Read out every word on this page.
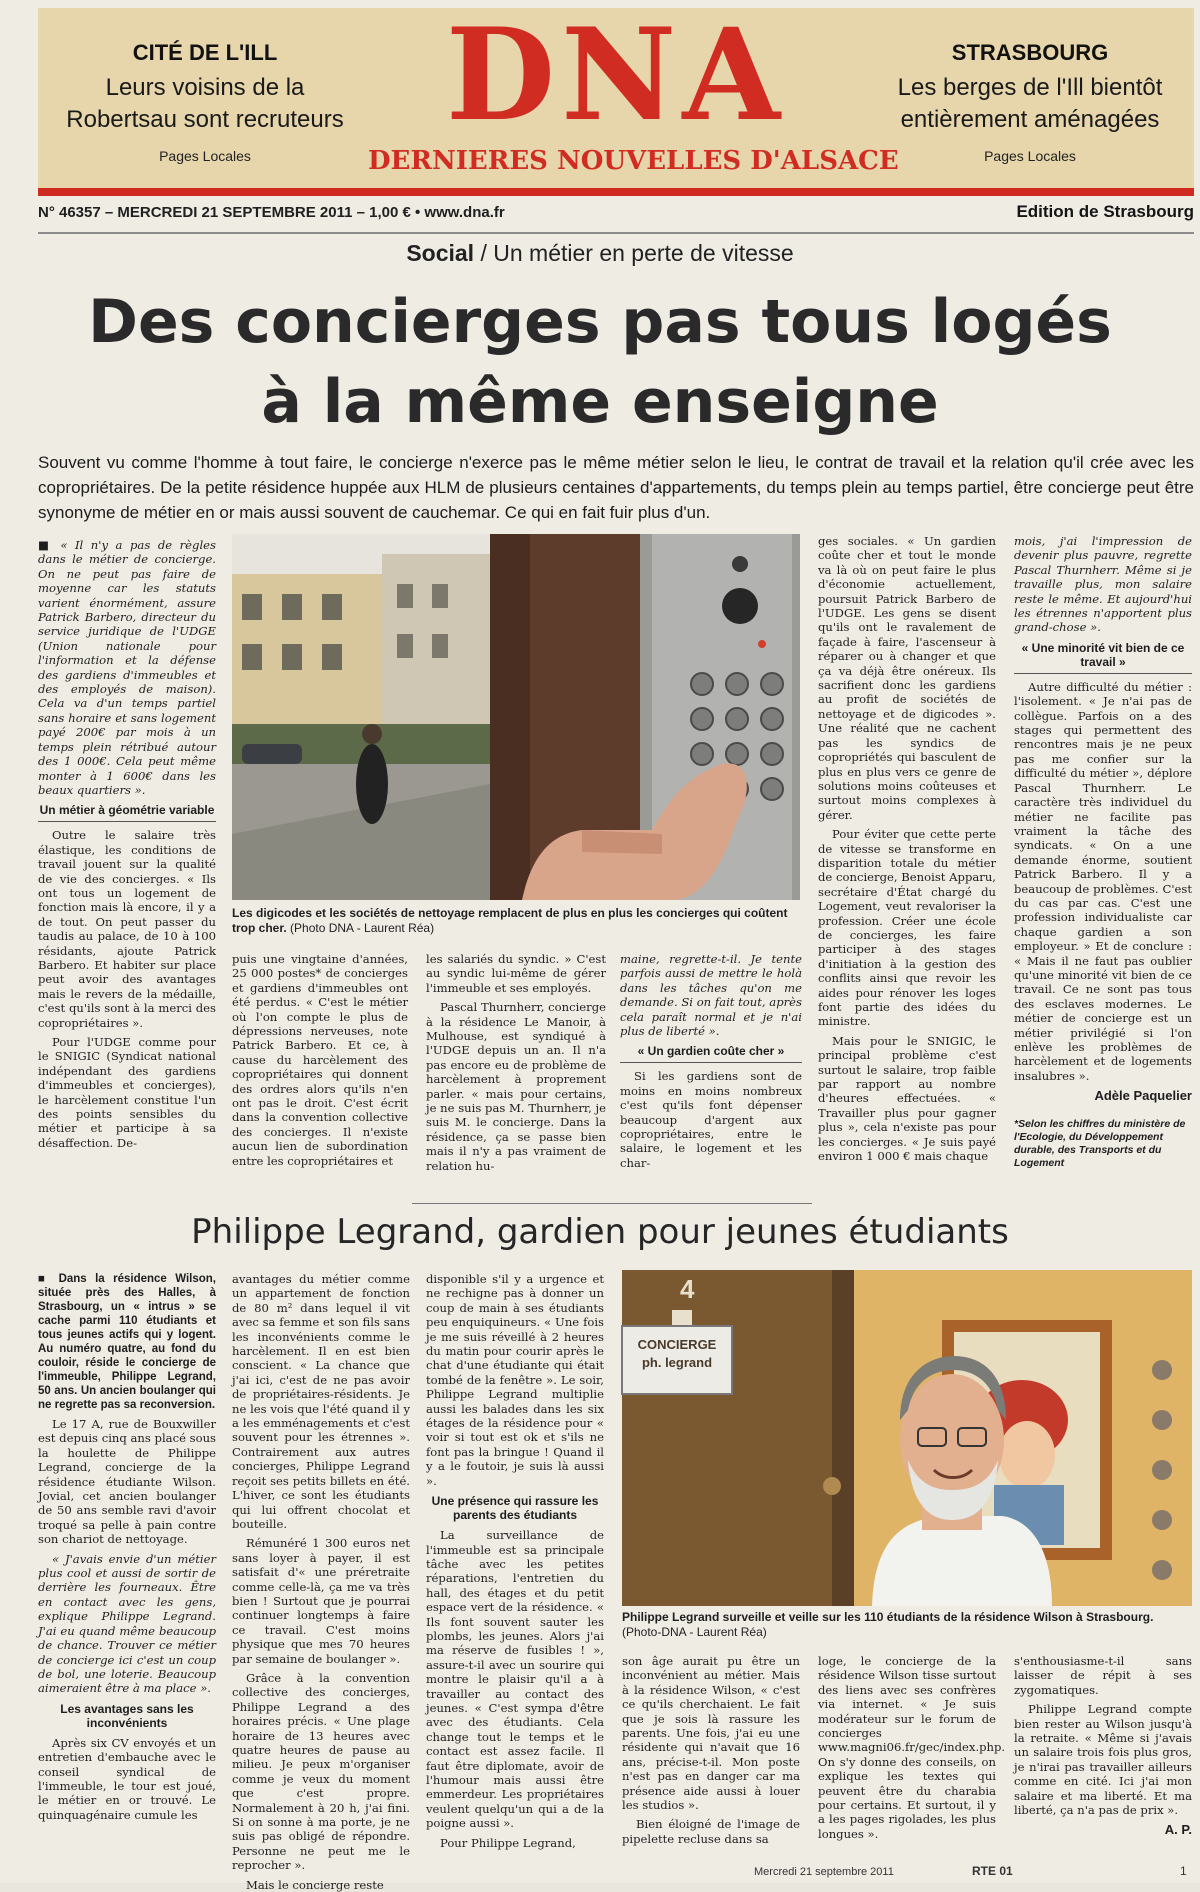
CITÉ DE L'ILL
Leurs voisins de la
Robertsau sont recruteurs
Pages Locales
DNA
DERNIERES NOUVELLES D'ALSACE
STRASBOURG
Les berges de l'Ill bientôt
entièrement aménagées
Pages Locales
N° 46357 – MERCREDI 21 SEPTEMBRE 2011 – 1,00 € • www.dna.fr	Edition de Strasbourg
Social / Un métier en perte de vitesse
Des concierges pas tous logés
à la même enseigne
Souvent vu comme l'homme à tout faire, le concierge n'exerce pas le même métier selon le lieu, le contrat de travail et la relation qu'il crée avec les copropriétaires. De la petite résidence huppée aux HLM de plusieurs centaines d'appartements, du temps plein au temps partiel, être concierge peut être synonyme de métier en or mais aussi souvent de cauchemar. Ce qui en fait fuir plus d'un.
Les digicodes et les sociétés de nettoyage remplacent de plus en plus les concierges qui coûtent trop cher. (Photo DNA - Laurent Réa)

■ « Il n'y a pas de règles dans le métier de concierge. On ne peut pas faire de moyenne car les statuts varient énormément, assure Patrick Barbero, directeur du service juridique de l'UDGE (Union nationale pour l'information et la défense des gardiens d'immeubles et des employés de maison). Cela va d'un temps partiel sans horaire et sans logement payé 200€ par mois à un temps plein rétribué autour des 1 000€. Cela peut même monter à 1 600€ dans les beaux quartiers ».

Un métier à géométrie variable

Outre le salaire très élastique, les conditions de travail jouent sur la qualité de vie des concierges. « Ils ont tous un logement de fonction mais là encore, il y a de tout. On peut passer du taudis au palace, de 10 à 100 résidants, ajoute Patrick Barbero. Et habiter sur place peut avoir des avantages mais le revers de la médaille, c'est qu'ils sont à la merci des copropriétaires ».

Pour l'UDGE comme pour le SNIGIC (Syndicat national indépendant des gardiens d'immeubles et concierges), le harcèlement constitue l'un des points sensibles du métier et participe à sa désaffection. De-

puis une vingtaine d'années, 25 000 postes* de concierges et gardiens d'immeubles ont été perdus. « C'est le métier où l'on compte le plus de dépressions nerveuses, note Patrick Barbero. Et ce, à cause du harcèlement des copropriétaires qui donnent des ordres alors qu'ils n'en ont pas le droit. C'est écrit dans la convention collective des concierges. Il n'existe aucun lien de subordination entre les copropriétaires et

les salariés du syndic. » C'est au syndic lui-même de gérer l'immeuble et ses employés.

Pascal Thurnherr, concierge à la résidence Le Manoir, à Mulhouse, est syndiqué à l'UDGE depuis un an. Il n'a pas encore eu de problème de harcèlement à proprement parler. « mais pour certains, je ne suis pas M. Thurnherr, je suis M. le concierge. Dans la résidence, ça se passe bien mais il n'y a pas vraiment de relation hu-

maine, regrette-t-il. Je tente parfois aussi de mettre le holà dans les tâches qu'on me demande. Si on fait tout, après cela paraît normal et je n'ai plus de liberté ».

« Un gardien coûte cher »

Si les gardiens sont de moins en moins nombreux c'est qu'ils font dépenser beaucoup d'argent aux copropriétaires, entre le salaire, le logement et les char-

ges sociales. « Un gardien coûte cher et tout le monde va là où on peut faire le plus d'économie actuellement, poursuit Patrick Barbero de l'UDGE. Les gens se disent qu'ils ont le ravalement de façade à faire, l'ascenseur à réparer ou à changer et que ça va déjà être onéreux. Ils sacrifient donc les gardiens au profit de sociétés de nettoyage et de digicodes ». Une réalité que ne cachent pas les syndics de copropriétés qui basculent de plus en plus vers ce genre de solutions moins coûteuses et surtout moins complexes à gérer.

Pour éviter que cette perte de vitesse se transforme en disparition totale du métier de concierge, Benoist Apparu, secrétaire d'État chargé du Logement, veut revaloriser la profession. Créer une école de concierges, les faire participer à des stages d'initiation à la gestion des conflits ainsi que revoir les aides pour rénover les loges font partie des idées du ministre.

Mais pour le SNIGIC, le principal problème c'est surtout le salaire, trop faible par rapport au nombre d'heures effectuées. « Travailler plus pour gagner plus », cela n'existe pas pour les concierges. « Je suis payé environ 1 000 € mais chaque

mois, j'ai l'impression de devenir plus pauvre, regrette Pascal Thurnherr. Même si je travaille plus, mon salaire reste le même. Et aujourd'hui les étrennes n'apportent plus grand-chose ».

« Une minorité vit bien de ce travail »

Autre difficulté du métier : l'isolement. « Je n'ai pas de collègue. Parfois on a des stages qui permettent des rencontres mais je ne peux pas me confier sur la difficulté du métier », déplore Pascal Thurnherr. Le caractère très individuel du métier ne facilite pas vraiment la tâche des syndicats. « On a une demande énorme, soutient Patrick Barbero. Il y a beaucoup de problèmes. C'est du cas par cas. C'est une profession individualiste car chaque gardien a son employeur. » Et de conclure : « Mais il ne faut pas oublier qu'une minorité vit bien de ce travail. Ce ne sont pas tous des esclaves modernes. Le métier de concierge est un métier privilégié si l'on enlève les problèmes de harcèlement et de logements insalubres ».

Adèle Paquelier
*Selon les chiffres du ministère de l'Ecologie, du Développement durable, des Transports et du Logement
Philippe Legrand, gardien pour jeunes étudiants

■ Dans la résidence Wilson, située près des Halles, à Strasbourg, un « intrus » se cache parmi 110 étudiants et tous jeunes actifs qui y logent. Au numéro quatre, au fond du couloir, réside le concierge de l'immeuble, Philippe Legrand, 50 ans. Un ancien boulanger qui ne regrette pas sa reconversion.

Le 17 A, rue de Bouxwiller est depuis cinq ans placé sous la houlette de Philippe Legrand, concierge de la résidence étudiante Wilson. Jovial, cet ancien boulanger de 50 ans semble ravi d'avoir troqué sa pelle à pain contre son chariot de nettoyage.

« J'avais envie d'un métier plus cool et aussi de sortir de derrière les fourneaux. Être en contact avec les gens, explique Philippe Legrand. J'ai eu quand même beaucoup de chance. Trouver ce métier de concierge ici c'est un coup de bol, une loterie. Beaucoup aimeraient être à ma place ».

Les avantages sans les inconvénients

Après six CV envoyés et un entretien d'embauche avec le conseil syndical de l'immeuble, le tour est joué, le métier en or trouvé. Le quinquagénaire cumule les

avantages du métier comme un appartement de fonction de 80 m² dans lequel il vit avec sa femme et son fils sans les inconvénients comme le harcèlement. Il en est bien conscient. « La chance que j'ai ici, c'est de ne pas avoir de propriétaires-résidents. Je ne les vois que l'été quand il y a les emménagements et c'est souvent pour les étrennes ». Contrairement aux autres concierges, Philippe Legrand reçoit ses petits billets en été. L'hiver, ce sont les étudiants qui lui offrent chocolat et bouteille.

Rémunéré 1 300 euros net sans loyer à payer, il est satisfait d'« une préretraite comme celle-là, ça me va très bien ! Surtout que je pourrai continuer longtemps à faire ce travail. C'est moins physique que mes 70 heures par semaine de boulanger ».

Grâce à la convention collective des concierges, Philippe Legrand a des horaires précis. « Une plage horaire de 13 heures avec quatre heures de pause au milieu. Je peux m'organiser comme je veux du moment que c'est propre. Normalement à 20 h, j'ai fini. Si on sonne à ma porte, je ne suis pas obligé de répondre. Personne ne peut me le reprocher ».

Mais le concierge reste

disponible s'il y a urgence et ne rechigne pas à donner un coup de main à ses étudiants peu enquiquineurs. « Une fois je me suis réveillé à 2 heures du matin pour courir après le chat d'une étudiante qui était tombé de la fenêtre ». Le soir, Philippe Legrand multiplie aussi les balades dans les six étages de la résidence pour « voir si tout est ok et s'ils ne font pas la bringue ! Quand il y a le foutoir, je suis là aussi ».

Une présence qui rassure les parents des étudiants

La surveillance de l'immeuble est sa principale tâche avec les petites réparations, l'entretien du hall, des étages et du petit espace vert de la résidence. « Ils font souvent sauter les plombs, les jeunes. Alors j'ai ma réserve de fusibles ! », assure-t-il avec un sourire qui montre le plaisir qu'il a à travailler au contact des jeunes. « C'est sympa d'être avec des étudiants. Cela change tout le temps et le contact est assez facile. Il faut être diplomate, avoir de l'humour mais aussi être emmerdeur. Les propriétaires veulent quelqu'un qui a de la poigne aussi ».

Pour Philippe Legrand,

4
CONCIERGE
ph. legrand
Philippe Legrand surveille et veille sur les 110 étudiants de la résidence Wilson à Strasbourg. (Photo-DNA - Laurent Réa)

son âge aurait pu être un inconvénient au métier. Mais à la résidence Wilson, « c'est ce qu'ils cherchaient. Le fait que je sois là rassure les parents. Une fois, j'ai eu une résidente qui n'avait que 16 ans, précise-t-il. Mon poste n'est pas en danger car ma présence aide aussi à louer les studios ».

Bien éloigné de l'image de pipelette recluse dans sa

loge, le concierge de la résidence Wilson tisse surtout des liens avec ses confrères via internet. « Je suis modérateur sur le forum de concierges www.magni06.fr/gec/index.php. On s'y donne des conseils, on explique les textes qui peuvent être du charabia pour certains. Et surtout, il y a les pages rigolades, les plus longues ».

s'enthousiasme-t-il sans laisser de répit à ses zygomatiques.

Philippe Legrand compte bien rester au Wilson jusqu'à la retraite. « Même si j'avais un salaire trois fois plus gros, je n'irai pas travailler ailleurs comme en cité. Ici j'ai mon salaire et ma liberté. Et ma liberté, ça n'a pas de prix ».

A. P.
Mercredi 21 septembre 2011	RTE 01	1
